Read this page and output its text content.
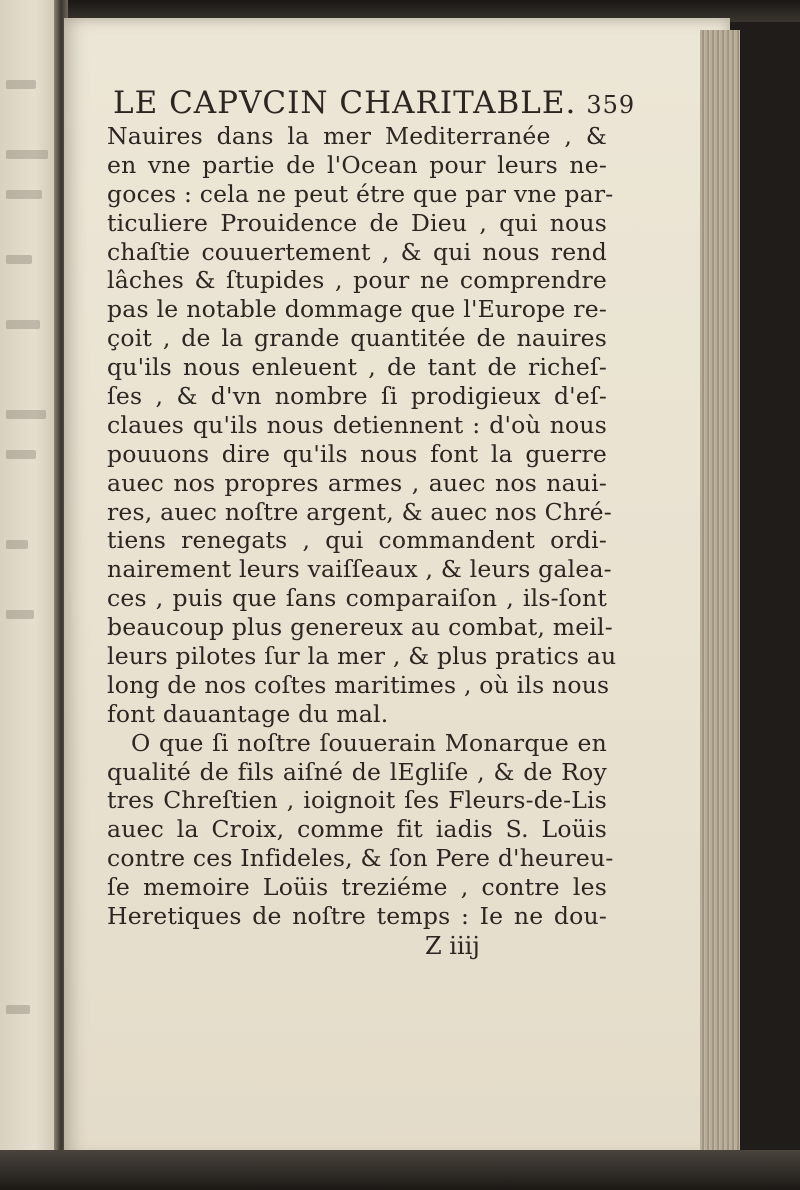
LE CAPVCIN CHARITABLE. 359
Nauires dans la mer Mediterranée , &
en vne partie de l'Ocean pour leurs ne-
goces : cela ne peut étre que par vne par-
ticuliere Prouidence de Dieu , qui nous
chaſtie couuertement , & qui nous rend
lâches & ſtupides , pour ne comprendre
pas le notable dommage que l'Europe re-
çoit , de la grande quantitée de nauires
qu'ils nous enleuent , de tant de richeſ-
ſes , & d'vn nombre ſi prodigieux d'eſ-
claues qu'ils nous detiennent : d'où nous
pouuons dire qu'ils nous font la guerre
auec nos propres armes , auec nos naui-
res, auec noſtre argent, & auec nos Chré-
tiens renegats , qui commandent ordi-
nairement leurs vaiſſeaux , & leurs galea-
ces , puis que ſans comparaiſon , ils-ſont
beaucoup plus genereux au combat, meil-
leurs pilotes ſur la mer , & plus pratics au
long de nos coſtes maritimes , où ils nous
font dauantage du mal.
O que ſi noſtre ſouuerain Monarque en
qualité de fils aiſné de lEgliſe , & de Roy
tres Chreſtien , ioignoit ſes Fleurs-de-Lis
auec la Croix, comme fit iadis S. Loüis
contre ces Infideles, & ſon Pere d'heureu-
ſe memoire Loüis treziéme , contre les
Heretiques de noſtre temps : Ie ne dou-
Z iiij
